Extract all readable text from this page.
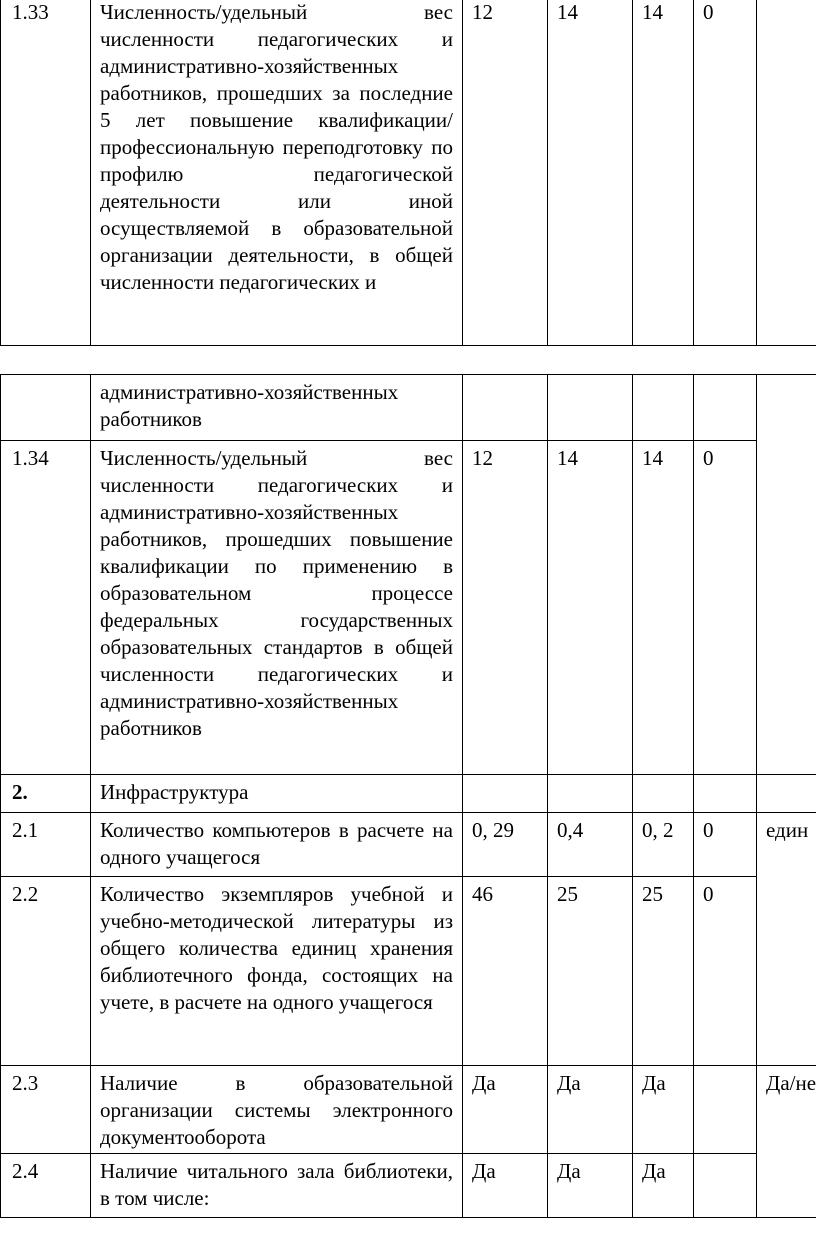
1.33	Численность/удельный вес численности педагогических и административно-хозяйственных работников, прошедших за последние 5 лет повышение квалификации/профессиональную переподготовку по профилю педагогической деятельности или иной осуществляемой в образовательной организации деятельности, в общей численности педагогических и	12	14	14	0	
	административно-хозяйственных работников					
1.34	Численность/удельный вес численности педагогических и административно-хозяйственных работников, прошедших повышение квалификации по применению в образовательном процессе федеральных государственных образовательных стандартов в общей численности педагогических и административно-хозяйственных работников	12	14	14	0	
2.	Инфраструктура					
2.1	Количество компьютеров в расчете на одного учащегося	0, 29	0,4	0, 2	0	един
2.2	Количество экземпляров учебной и учебно-методической литературы из общего количества единиц хранения библиотечного фонда, состоящих на учете, в расчете на одного учащегося	46	25	25	0	
2.3	Наличие в образовательной организации системы электронного документооборота	Да	Да	Да		Да/не
2.4	Наличие читального зала библиотеки, в том числе:	Да	Да	Да		
